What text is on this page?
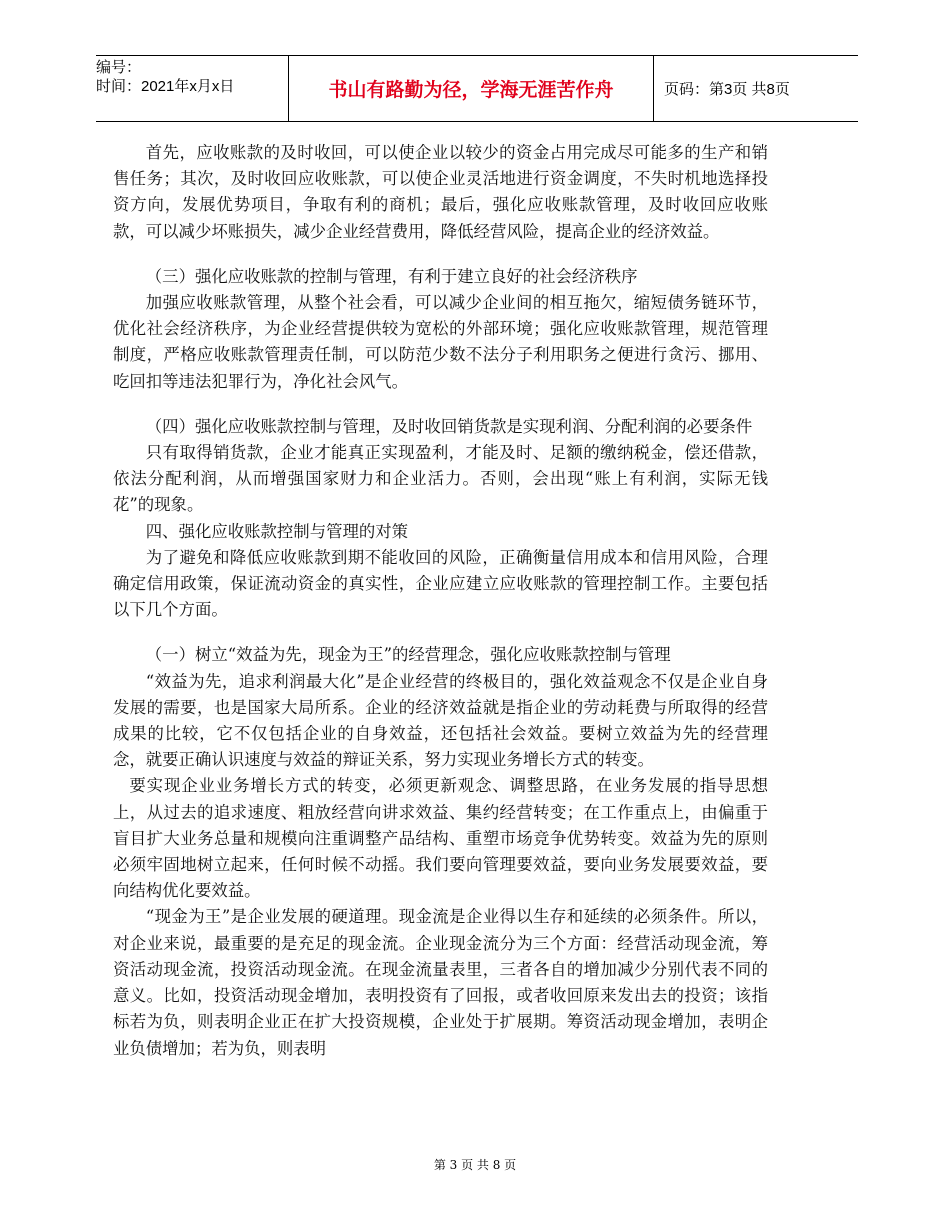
编号：
时间：2021年x月x日	书山有路勤为径，学海无涯苦作舟	页码：第3页 共8页

首先，应收账款的及时收回，可以使企业以较少的资金占用完成尽可能多的生产和销售任务；其次，及时收回应收账款，可以使企业灵活地进行资金调度，不失时机地选择投资方向，发展优势项目，争取有利的商机；最后，强化应收账款管理，及时收回应收账款，可以减少坏账损失，减少企业经营费用，降低经营风险，提高企业的经济效益。

（三）强化应收账款的控制与管理，有利于建立良好的社会经济秩序

加强应收账款管理，从整个社会看，可以减少企业间的相互拖欠，缩短债务链环节，优化社会经济秩序，为企业经营提供较为宽松的外部环境；强化应收账款管理，规范管理制度，严格应收账款管理责任制，可以防范少数不法分子利用职务之便进行贪污、挪用、吃回扣等违法犯罪行为，净化社会风气。

（四）强化应收账款控制与管理，及时收回销货款是实现利润、分配利润的必要条件

只有取得销货款，企业才能真正实现盈利，才能及时、足额的缴纳税金，偿还借款，依法分配利润，从而增强国家财力和企业活力。否则，会出现“账上有利润，实际无钱花”的现象。

四、强化应收账款控制与管理的对策

为了避免和降低应收账款到期不能收回的风险，正确衡量信用成本和信用风险，合理确定信用政策，保证流动资金的真实性，企业应建立应收账款的管理控制工作。主要包括以下几个方面。

（一）树立“效益为先，现金为王”的经营理念，强化应收账款控制与管理

“效益为先，追求利润最大化”是企业经营的终极目的，强化效益观念不仅是企业自身发展的需要，也是国家大局所系。企业的经济效益就是指企业的劳动耗费与所取得的经营成果的比较，它不仅包括企业的自身效益，还包括社会效益。要树立效益为先的经营理念，就要正确认识速度与效益的辩证关系，努力实现业务增长方式的转变。

要实现企业业务增长方式的转变，必须更新观念、调整思路，在业务发展的指导思想上，从过去的追求速度、粗放经营向讲求效益、集约经营转变；在工作重点上，由偏重于盲目扩大业务总量和规模向注重调整产品结构、重塑市场竞争优势转变。效益为先的原则必须牢固地树立起来，任何时候不动摇。我们要向管理要效益，要向业务发展要效益，要向结构优化要效益。

“现金为王”是企业发展的硬道理。现金流是企业得以生存和延续的必须条件。所以，对企业来说，最重要的是充足的现金流。企业现金流分为三个方面：经营活动现金流，筹资活动现金流，投资活动现金流。在现金流量表里，三者各自的增加减少分别代表不同的意义。比如，投资活动现金增加，表明投资有了回报，或者收回原来发出去的投资；该指标若为负，则表明企业正在扩大投资规模，企业处于扩展期。筹资活动现金增加，表明企业负债增加；若为负，则表明

第 3 页 共 8 页
